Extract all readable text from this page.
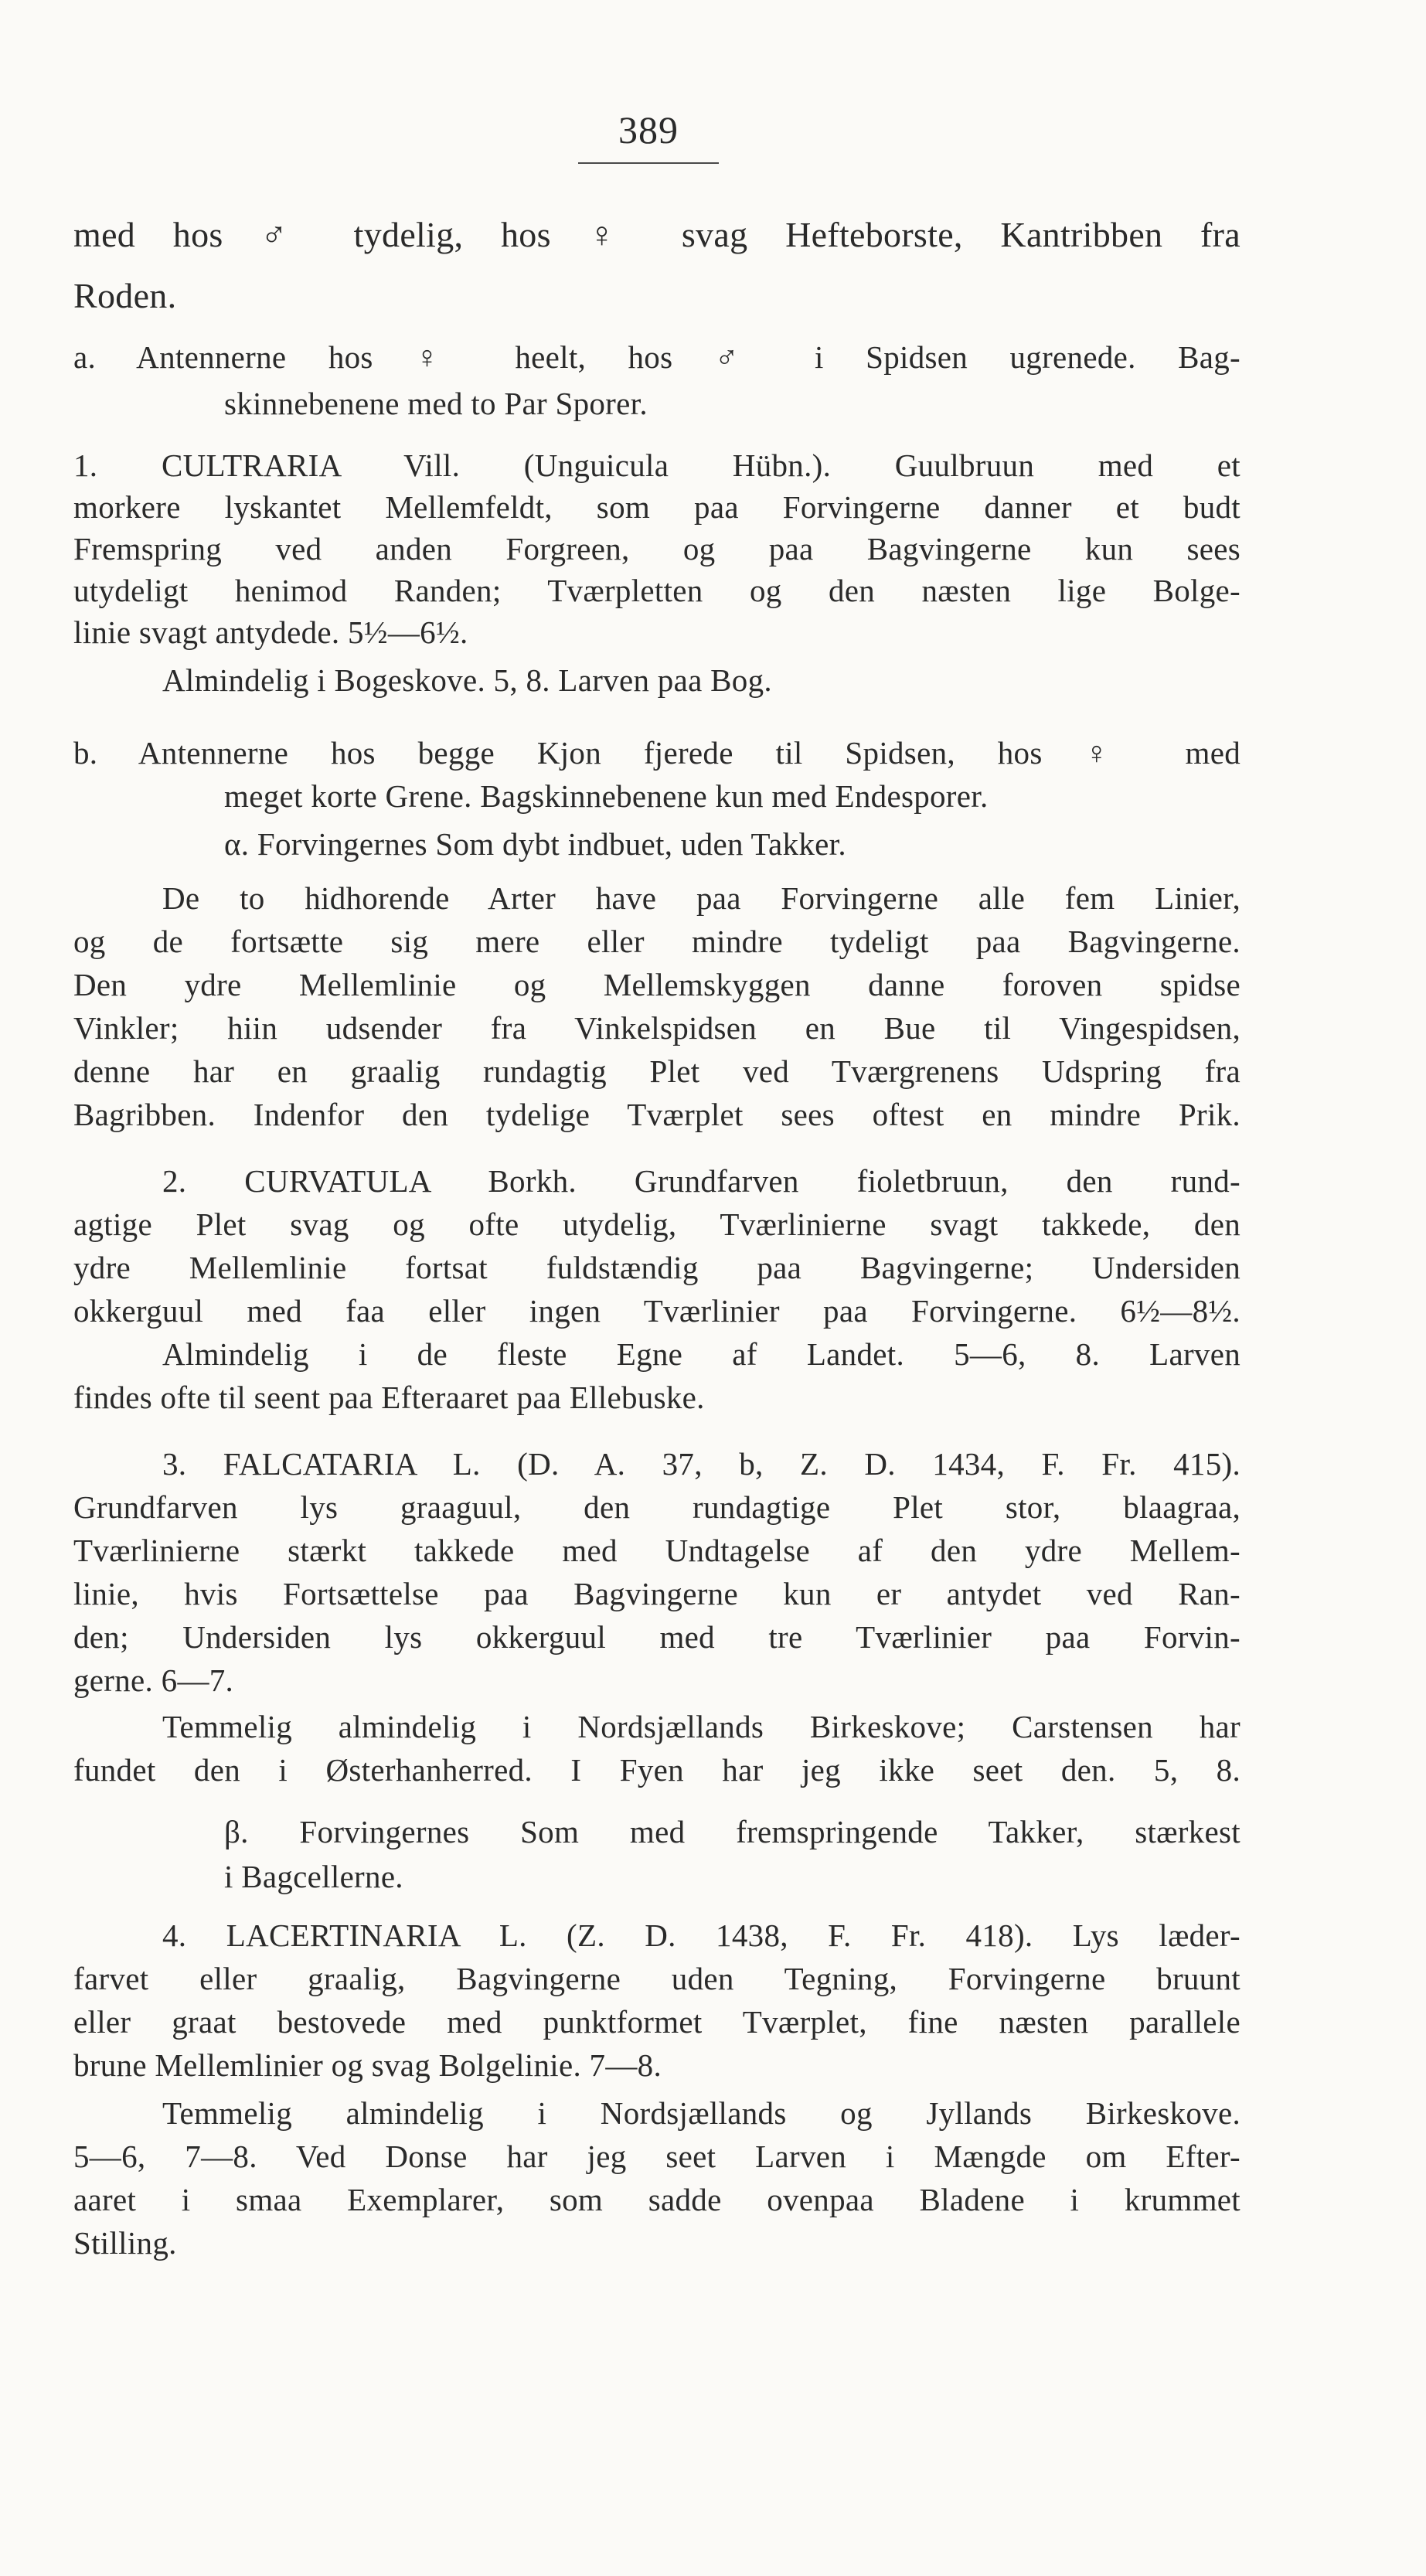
389
med hos ♂ tydelig, hos ♀ svag Hefteborste, Kantribben fra
Roden.
a. Antennerne hos ♀ heelt, hos ♂ i Spidsen ugrenede. Bag-
skinnebenene med to Par Sporer.
1. CULTRARIA Vill. (Unguicula Hübn.). Guulbruun med et
morkere lyskantet Mellemfeldt, som paa Forvingerne danner et budt
Fremspring ved anden Forgreen, og paa Bagvingerne kun sees
utydeligt henimod Randen; Tværpletten og den næsten lige Bolge-
linie svagt antydede. 5½—6½.
Almindelig i Bogeskove. 5, 8. Larven paa Bog.
b. Antennerne hos begge Kjon fjerede til Spidsen, hos ♀ med
meget korte Grene. Bagskinnebenene kun med Endesporer.
α. Forvingernes Som dybt indbuet, uden Takker.
De to hidhorende Arter have paa Forvingerne alle fem Linier,
og de fortsætte sig mere eller mindre tydeligt paa Bagvingerne.
Den ydre Mellemlinie og Mellemskyggen danne foroven spidse
Vinkler; hiin udsender fra Vinkelspidsen en Bue til Vingespidsen,
denne har en graalig rundagtig Plet ved Tværgrenens Udspring fra
Bagribben. Indenfor den tydelige Tværplet sees oftest en mindre Prik.
2. CURVATULA Borkh. Grundfarven fioletbruun, den rund-
agtige Plet svag og ofte utydelig, Tværlinierne svagt takkede, den
ydre Mellemlinie fortsat fuldstændig paa Bagvingerne; Undersiden
okkerguul med faa eller ingen Tværlinier paa Forvingerne. 6½—8½.
Almindelig i de fleste Egne af Landet. 5—6, 8. Larven
findes ofte til seent paa Efteraaret paa Ellebuske.
3. FALCATARIA L. (D. A. 37, b, Z. D. 1434, F. Fr. 415).
Grundfarven lys graaguul, den rundagtige Plet stor, blaagraa,
Tværlinierne stærkt takkede med Undtagelse af den ydre Mellem-
linie, hvis Fortsættelse paa Bagvingerne kun er antydet ved Ran-
den; Undersiden lys okkerguul med tre Tværlinier paa Forvin-
gerne. 6—7.
Temmelig almindelig i Nordsjællands Birkeskove; Carstensen har
fundet den i Østerhanherred. I Fyen har jeg ikke seet den. 5, 8.
β. Forvingernes Som med fremspringende Takker, stærkest
i Bagcellerne.
4. LACERTINARIA L. (Z. D. 1438, F. Fr. 418). Lys læder-
farvet eller graalig, Bagvingerne uden Tegning, Forvingerne bruunt
eller graat bestovede med punktformet Tværplet, fine næsten parallele
brune Mellemlinier og svag Bolgelinie. 7—8.
Temmelig almindelig i Nordsjællands og Jyllands Birkeskove.
5—6, 7—8. Ved Donse har jeg seet Larven i Mængde om Efter-
aaret i smaa Exemplarer, som sadde ovenpaa Bladene i krummet
Stilling.
